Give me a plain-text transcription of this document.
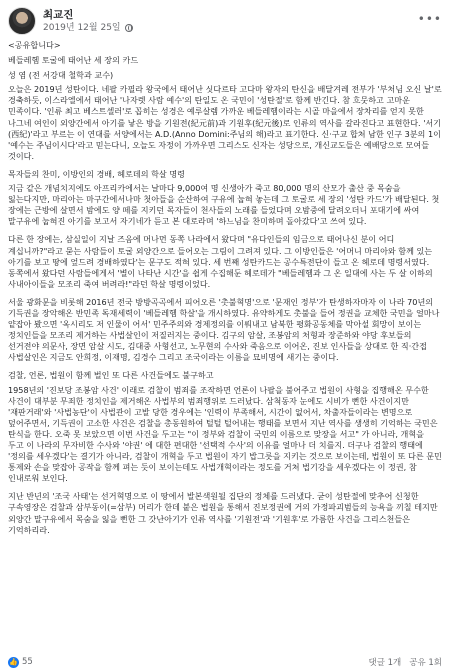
최교진
2019년 12월 25일
•••

<공유합니다>

베들레헴 토굴에 태어난 세 장의 카드

성 염 (전 서강대 철학과 교수)

오늘은 2019년 성탄이다. 네팔 카필라 왕국에서 태어난 싯다르타 고다마 왕자의 탄신을 배달겨레 전부가 '부처님 오신 날'로 경축하듯, 이스라엘에서 태어난 '나자렛 사람 예수'의 탄일도 온 국민이 '성탄절'로 함께 반긴다. 참 흐뭇하고 고마운 민족이다. '인류 최고 베스트셀러'로 꼽히는 성경은 예루살렘 가까운 베들레헴이라는 시골 마을에서 장차리를 얻지 못한 나그네 여인이 외양간에서 아기를 낳은 방을 기원전(紀元前)과 기원후(紀元後)로 인류의 역사를 갈라진다고 표현한다. '서기(西紀)'라고 부르는 이 연대를 서양에서는 A.D.(Anno Domini:주님의 해)라고 표기한다. 신·구교 합쳐 남한 인구 3분의 1이 '예수는 주님이시다'라고 믿는다니, 오늘도 자정이 가까우면 그리스도 신자는 성당으로, 개신교도들은 예배당으로 모여들 것이다.

목자들의 찬미, 이방인의 경배, 헤로데의 학살 명령

지금 같은 개념치지에도 아프리카에서는 날마다 9,000여 명 신생아가 죽고 80,000 명의 산모가 출산 중 목숨을 잃는다지만, 마리아는 마구간에서나마 첫아들을 순산하여 구유에 눕혀 놓는데 그 토굴로 세 장의 '성탄 카드'가 배달된다. 첫 장에는 근방에 살면서 밤에도 양 떼를 지키던 목자들이 천사들의 노래를 들었다며 오밤중에 달려오더니 포대기에 싸여 말구유에 눕혀진 아기를 보고서 자기네가 듣고 본 대로라며 '하느님을 찬미하며 돌아갔다'고 쓰여 있다.

다른 한 장에는, 삼실일이 지날 즈음에 머나먼 동쪽 나라에서 왔다며 "유다인들의 임금으로 태어나신 분이 어디 계십니까?"라고 묻는 사람들이 토굴 외양간으로 들어오는 그림이 그려져 있다. 그 이방인들은 '어머니 마리아와 함께 있는 아기를 보고 땅에 엎드려 경배하였다'는 문구도 적혀 있다. 세 번째 성탄카드는 공수특전단이 들고 온 헤로데 명령서였다. 동쪽에서 왔다던 사람들에게서 '별이 나타난 시간'을 쉽게 수집해둔 헤로데가 "베들레헴과 그 온 일대에 사는 두 살 이하의 사내아이들을 모조리 죽여 버려라!"라던 학살 명령이었다.

서울 광화문을 비롯해 2016년 전국 방방곡곡에서 피어오른 '촛불혁명'으로 '문재인 정부'가 탄생하자마자 이 나라 70년의 기득권을 장악해온 반민족 독재세력이 '베들레헴 학살'을 개시하였다. 유약하게도 촛불을 들어 정권을 교체한 국민을 얼마나 얕잡아 봤으면 '옥시리도 저 인물이 어서' 민주주의와 경제정의를 이뤄내고 남북한 평화공동체를 막아설 회망이 보이는 정치인들을 모조리 제거하는 사법살인이 저질러지는 중이다. 김구의 암살, 조봉암의 처형과 장준하와 야당 후보들의 선거전야 의문사, 장면 암살 시도, 김대중 사형선고, 노무현의 수사와 죽음으로 이어온, 진보 인사들을 상대로 한 직·간접 사법살인은 지금도 안희정, 이재명, 김경수 그리고 조국이라는 이름을 묘비명에 새기는 중이다.

검찰, 언론, 법원이 함께 벌인 또 다른 사건들에도 불구하고

1958년의 '진보당 조봉암 사건' 이래로 검찰이 범죄를 조작하면 언론이 나팔을 불어주고 법원이 사형을 집행해온 무수한 사건이 대부분 무죄한 정치인을 제거해온 사법부의 범죄행위로 드러났다. 삼척동자 눈에도 시비가 뻔한 사건이지만 '재판거래'와 '사법농단'이 사법관이 고발 당한 경우에는 '인력이 부족해서, 시간이 없어서, 차출자들이라는 변명으로 덮어주면서, 기득권이 고소한 사건은 검찰을 총동원하여 털털 털어내는 행태를 보면서 지난 역사를 생생히 기억하는 국민은 탄식을 한다. 오죽 못 보았으면 이번 사건을 두고는 "이 정부와 검찰이 국민의 이름으로 맞장을 서고" 가 아니라, 개혁을 두고 이 나라의 무자비한 수사와 '야권' 에 대한 편대한 '선택적 수사'의 이유를 얼마나 더 치를지. 더구나 검찰의 행태에 '정의를 세우겠다'는 결기가 아니라, 검찰이 개혁을 두고 법원이 자기 밥그릇을 지키는 것으로 보이는데, 법원이 또 다른 문민 통제와 손을 맞잡아 공작을 함께 펴는 듯이 보이는데도 사법개혁이라는 정도를 거쳐 법기강을 세우겠다는 이 정권, 참 인내로워 보인다.

지난 반년의 '조국 사태'는 선거혁명으로 이 땅에서 발본색원될 집단의 정체를 드러냈다. 굳이 성탄절에 맞추어 신청한 구속영장은 검찰과 삼부동이(=삼부) 머리가 한데 붙은 법원을 통해서 진보정권에 거의 가정파괴범들의 능욕을 끼칠 테지만 외양간 말구유에서 목숨을 잃을 뻔한 그 갓난아기가 인류 역사를 '기원전'과 '기원후'로 가름한 사건을 그리스천들은 기억하리라.

👍 55	댓글 1개 공유 1회
